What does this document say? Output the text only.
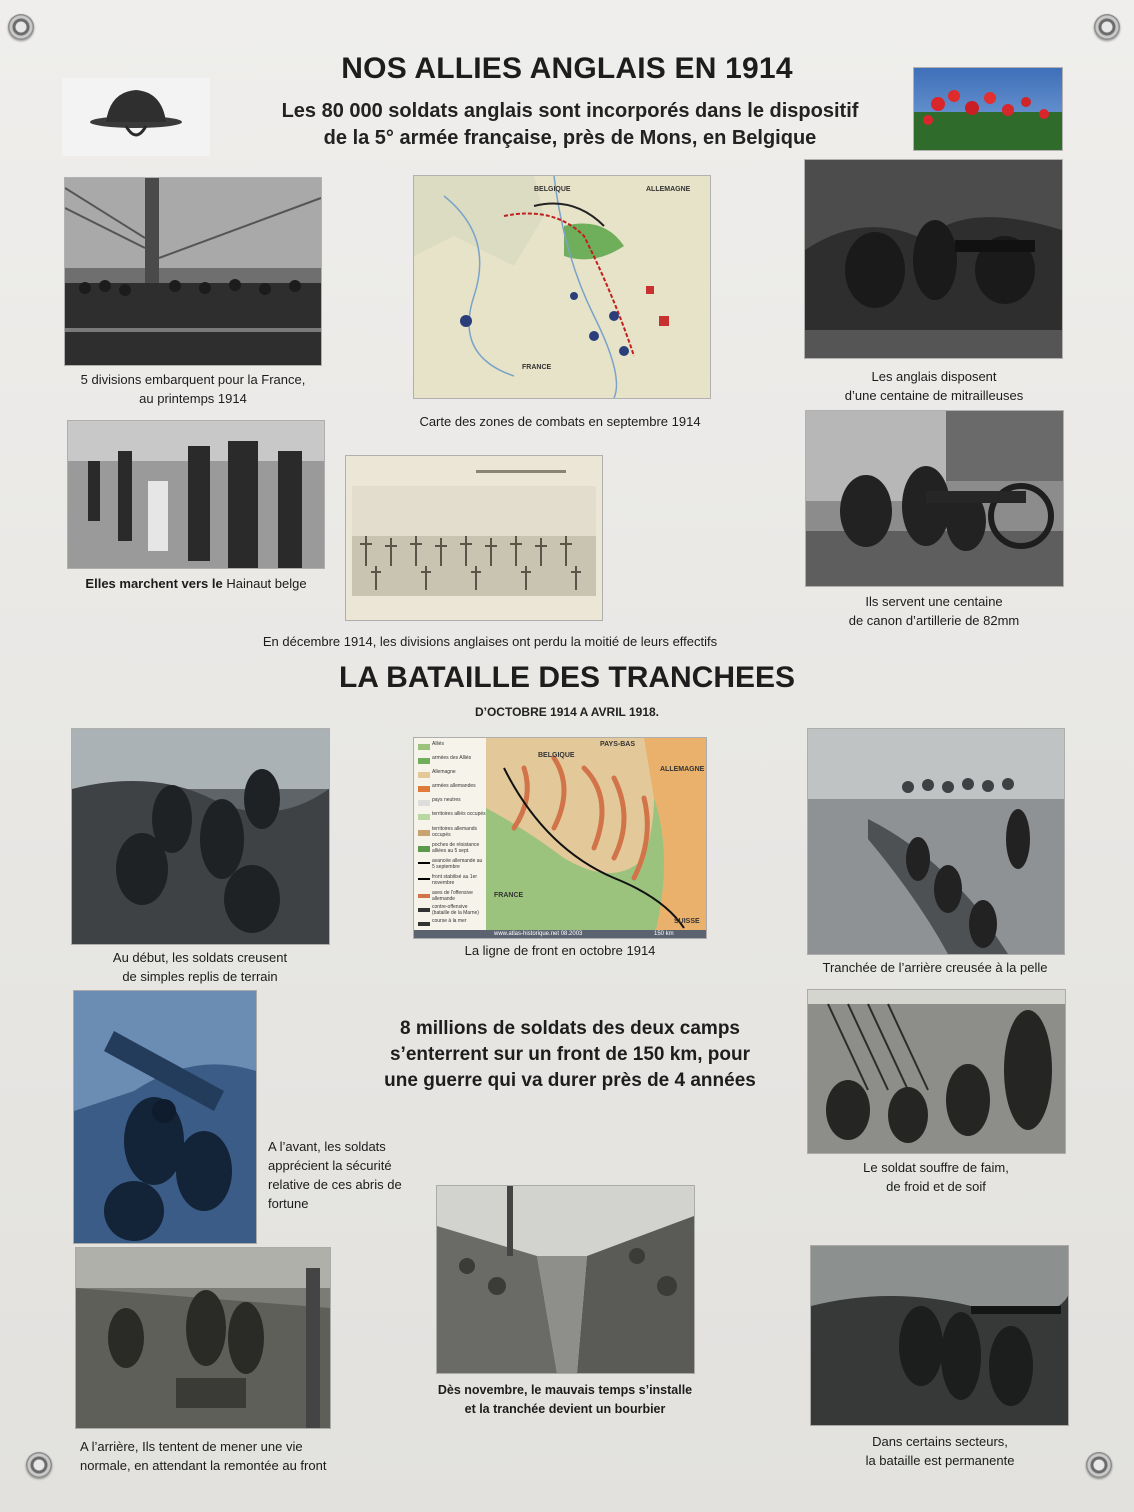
NOS ALLIES ANGLAIS EN 1914
Les 80 000 soldats anglais sont incorporés dans le dispositif
de la 5° armée française, près de Mons, en Belgique
5 divisions embarquent pour la France,
au printemps 1914
BELGIQUE	ALLEMAGNE
FRANCE
Carte des zones de combats en septembre 1914
Les anglais disposent
d’une centaine de mitrailleuses
Elles marchent vers le Hainaut belge
En décembre 1914, les divisions anglaises ont perdu la moitié de leurs effectifs
Ils servent une centaine
de canon d’artillerie de 82mm
LA BATAILLE DES TRANCHEES
D’OCTOBRE 1914 A AVRIL 1918.
Au début, les soldats creusent
de simples replis de terrain
PAYS-BAS
BELGIQUE
ALLEMAGNE
FRANCE
SUISSE
www.atlas-historique.net 08.2003	150 km
Alliés
armées des Alliés
Allemagne
armées allemandes
pays neutres
territoires alliés occupés
territoires allemands occupés
poches de résistance alliées au 5 sept.
avancée allemande au 5 septembre
front stabilisé au 1er novembre
axes de l'offensive allemande
contre-offensive (bataille de la Marne)
course à la mer
La ligne de front en octobre 1914
Tranchée de l’arrière creusée à la pelle
8 millions de soldats des deux camps
s’enterrent sur un front de 150 km, pour
une guerre qui va durer près de 4 années
A l’avant, les soldats
apprécient la sécurité
relative de ces abris de
fortune
Le soldat souffre de faim,
de froid et de soif
Dès novembre, le mauvais temps s’installe
et la tranchée devient un bourbier
A l’arrière, Ils tentent de mener une vie
normale, en attendant la remontée au front
Dans certains secteurs,
la bataille est permanente
